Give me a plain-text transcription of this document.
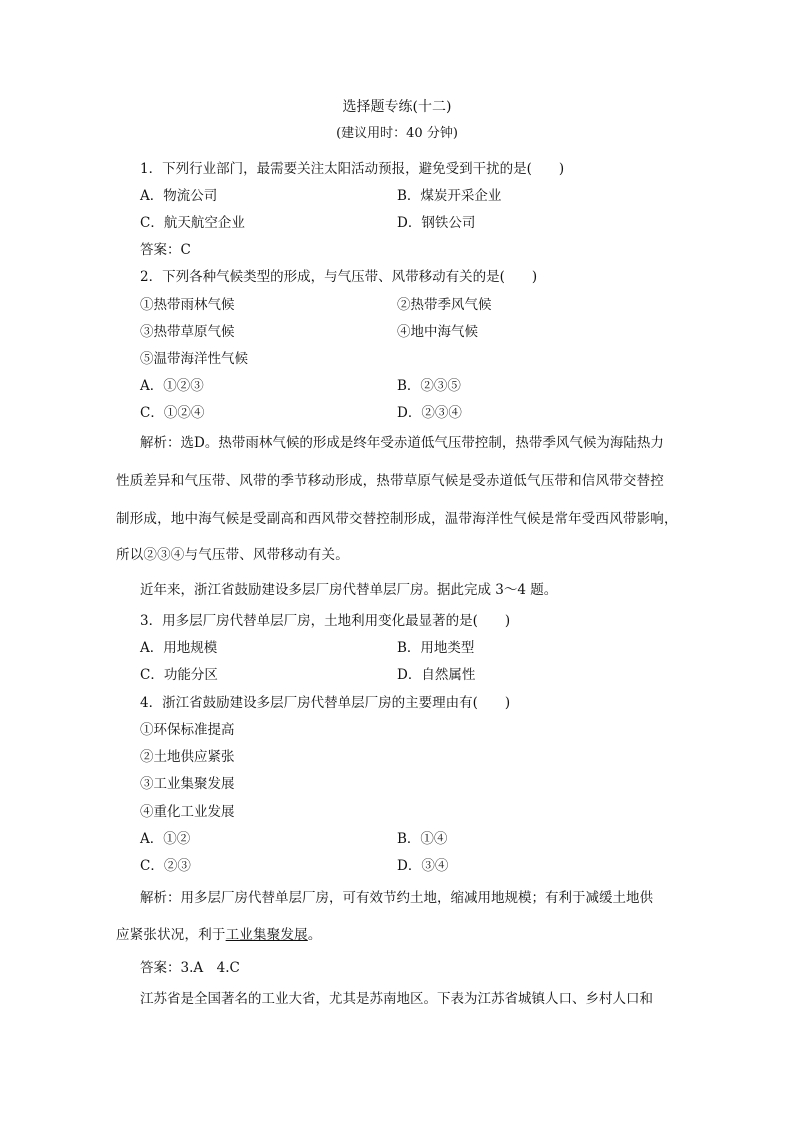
选择题专练(十二)
(建议用时：40 分钟)
1．下列行业部门，最需要关注太阳活动预报，避免受到干扰的是(　　)
A．物流公司	B．煤炭开采企业
C．航天航空企业	D．钢铁公司
答案：C
2．下列各种气候类型的形成，与气压带、风带移动有关的是(　　)
①热带雨林气候	②热带季风气候
③热带草原气候	④地中海气候
⑤温带海洋性气候
A．①②③	B．②③⑤
C．①②④	D．②③④
解析：选D。热带雨林气候的形成是终年受赤道低气压带控制，热带季风气候为海陆热力
性质差异和气压带、风带的季节移动形成，热带草原气候是受赤道低气压带和信风带交替控
制形成，地中海气候是受副高和西风带交替控制形成，温带海洋性气候是常年受西风带影响，
所以②③④与气压带、风带移动有关。
近年来，浙江省鼓励建设多层厂房代替单层厂房。据此完成 3～4 题。
3．用多层厂房代替单层厂房，土地利用变化最显著的是(　　)
A．用地规模	B．用地类型
C．功能分区	D．自然属性
4．浙江省鼓励建设多层厂房代替单层厂房的主要理由有(　　)
①环保标准提高
②土地供应紧张
③工业集聚发展
④重化工业发展
A．①②	B．①④
C．②③	D．③④
解析：用多层厂房代替单层厂房，可有效节约土地，缩减用地规模；有利于减缓土地供
应紧张状况，利于工业集聚发展。
答案：3.A　4.C
江苏省是全国著名的工业大省，尤其是苏南地区。下表为江苏省城镇人口、乡村人口和
